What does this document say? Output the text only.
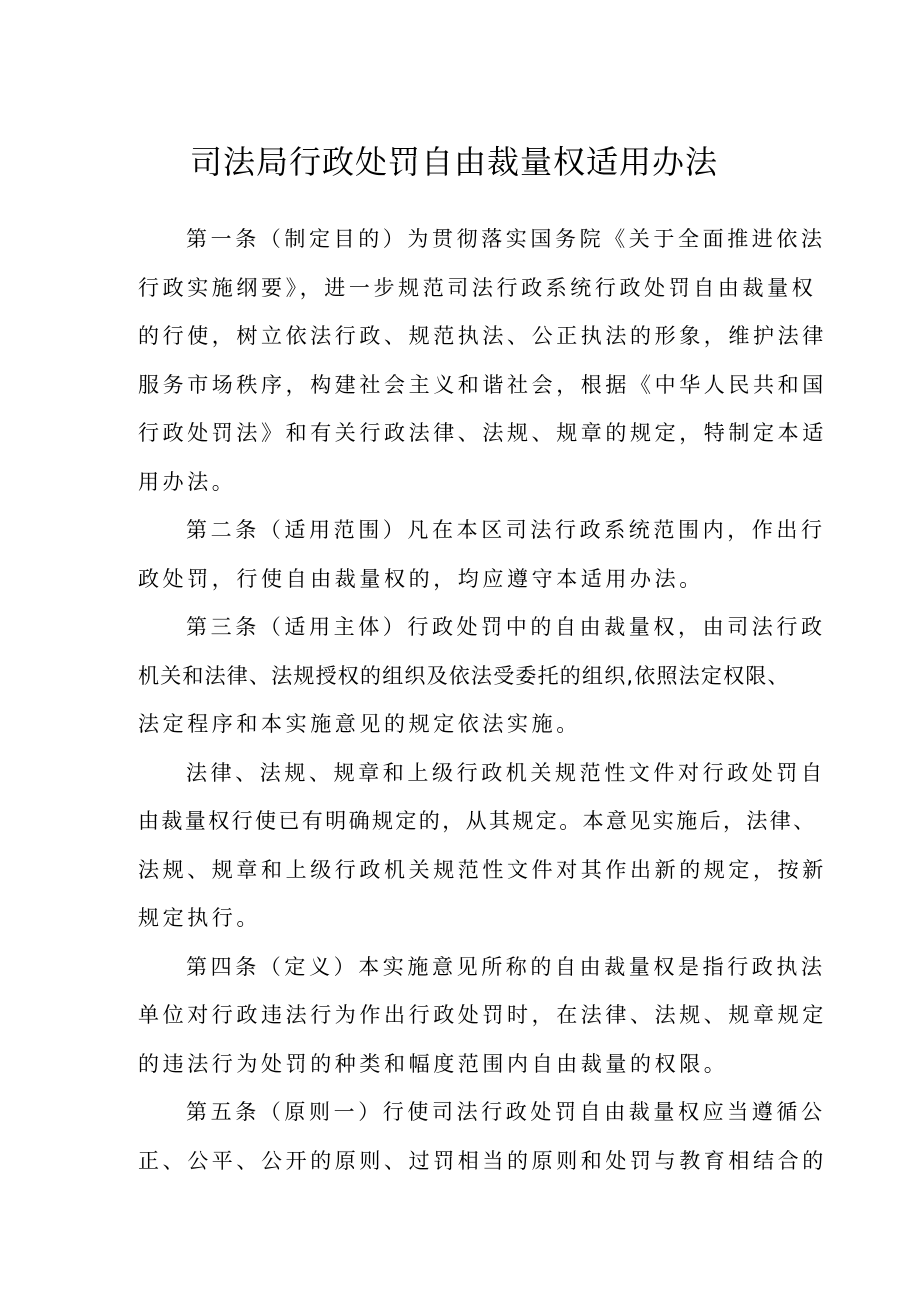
司法局行政处罚自由裁量权适用办法
第一条（制定目的）为贯彻落实国务院《关于全面推进依法
行政实施纲要》，进一步规范司法行政系统行政处罚自由裁量权
的行使，树立依法行政、规范执法、公正执法的形象，维护法律
服务市场秩序，构建社会主义和谐社会，根据《中华人民共和国
行政处罚法》和有关行政法律、法规、规章的规定，特制定本适
用办法。
第二条（适用范围）凡在本区司法行政系统范围内，作出行
政处罚，行使自由裁量权的，均应遵守本适用办法。
第三条（适用主体）行政处罚中的自由裁量权，由司法行政
机关和法律、法规授权的组织及依法受委托的组织,依照法定权限、
法定程序和本实施意见的规定依法实施。
法律、法规、规章和上级行政机关规范性文件对行政处罚自
由裁量权行使已有明确规定的，从其规定。本意见实施后，法律、
法规、规章和上级行政机关规范性文件对其作出新的规定，按新
规定执行。
第四条（定义）本实施意见所称的自由裁量权是指行政执法
单位对行政违法行为作出行政处罚时，在法律、法规、规章规定
的违法行为处罚的种类和幅度范围内自由裁量的权限。
第五条（原则一）行使司法行政处罚自由裁量权应当遵循公
正、公平、公开的原则、过罚相当的原则和处罚与教育相结合的
